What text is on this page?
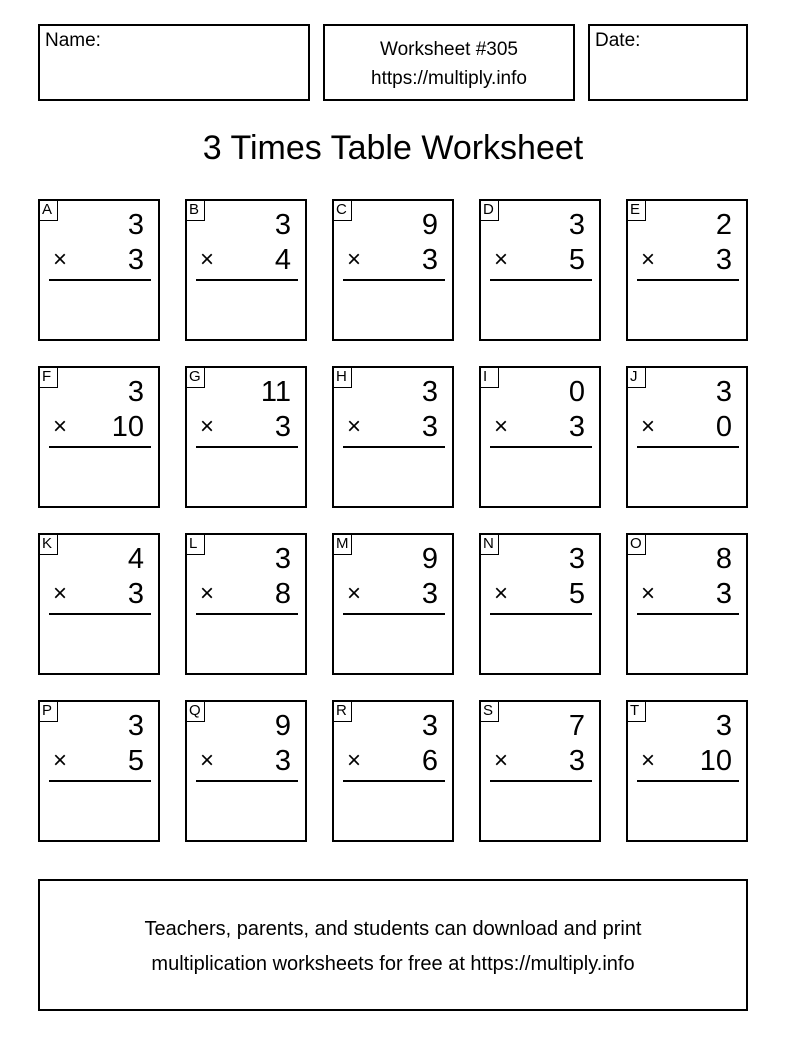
Name:	Worksheet #305
https://multiply.info
Date:
3 Times Table Worksheet
A	3
× 3
B	3
× 4
C	9
× 3
D	3
× 5
E	2
× 3
F	3
× 10
G 11
× 3
H	3
× 3
I	0
× 3
J	3
× 0
K	4
× 3
L	3
× 8
M	9
× 3
N	3
× 5
O	8
× 3
P	3
× 5
Q	9
× 3
R	3
× 6
S	7
× 3
T	3
× 10
Teachers, parents, and students can download and print
multiplication worksheets for free at https://multiply.info
